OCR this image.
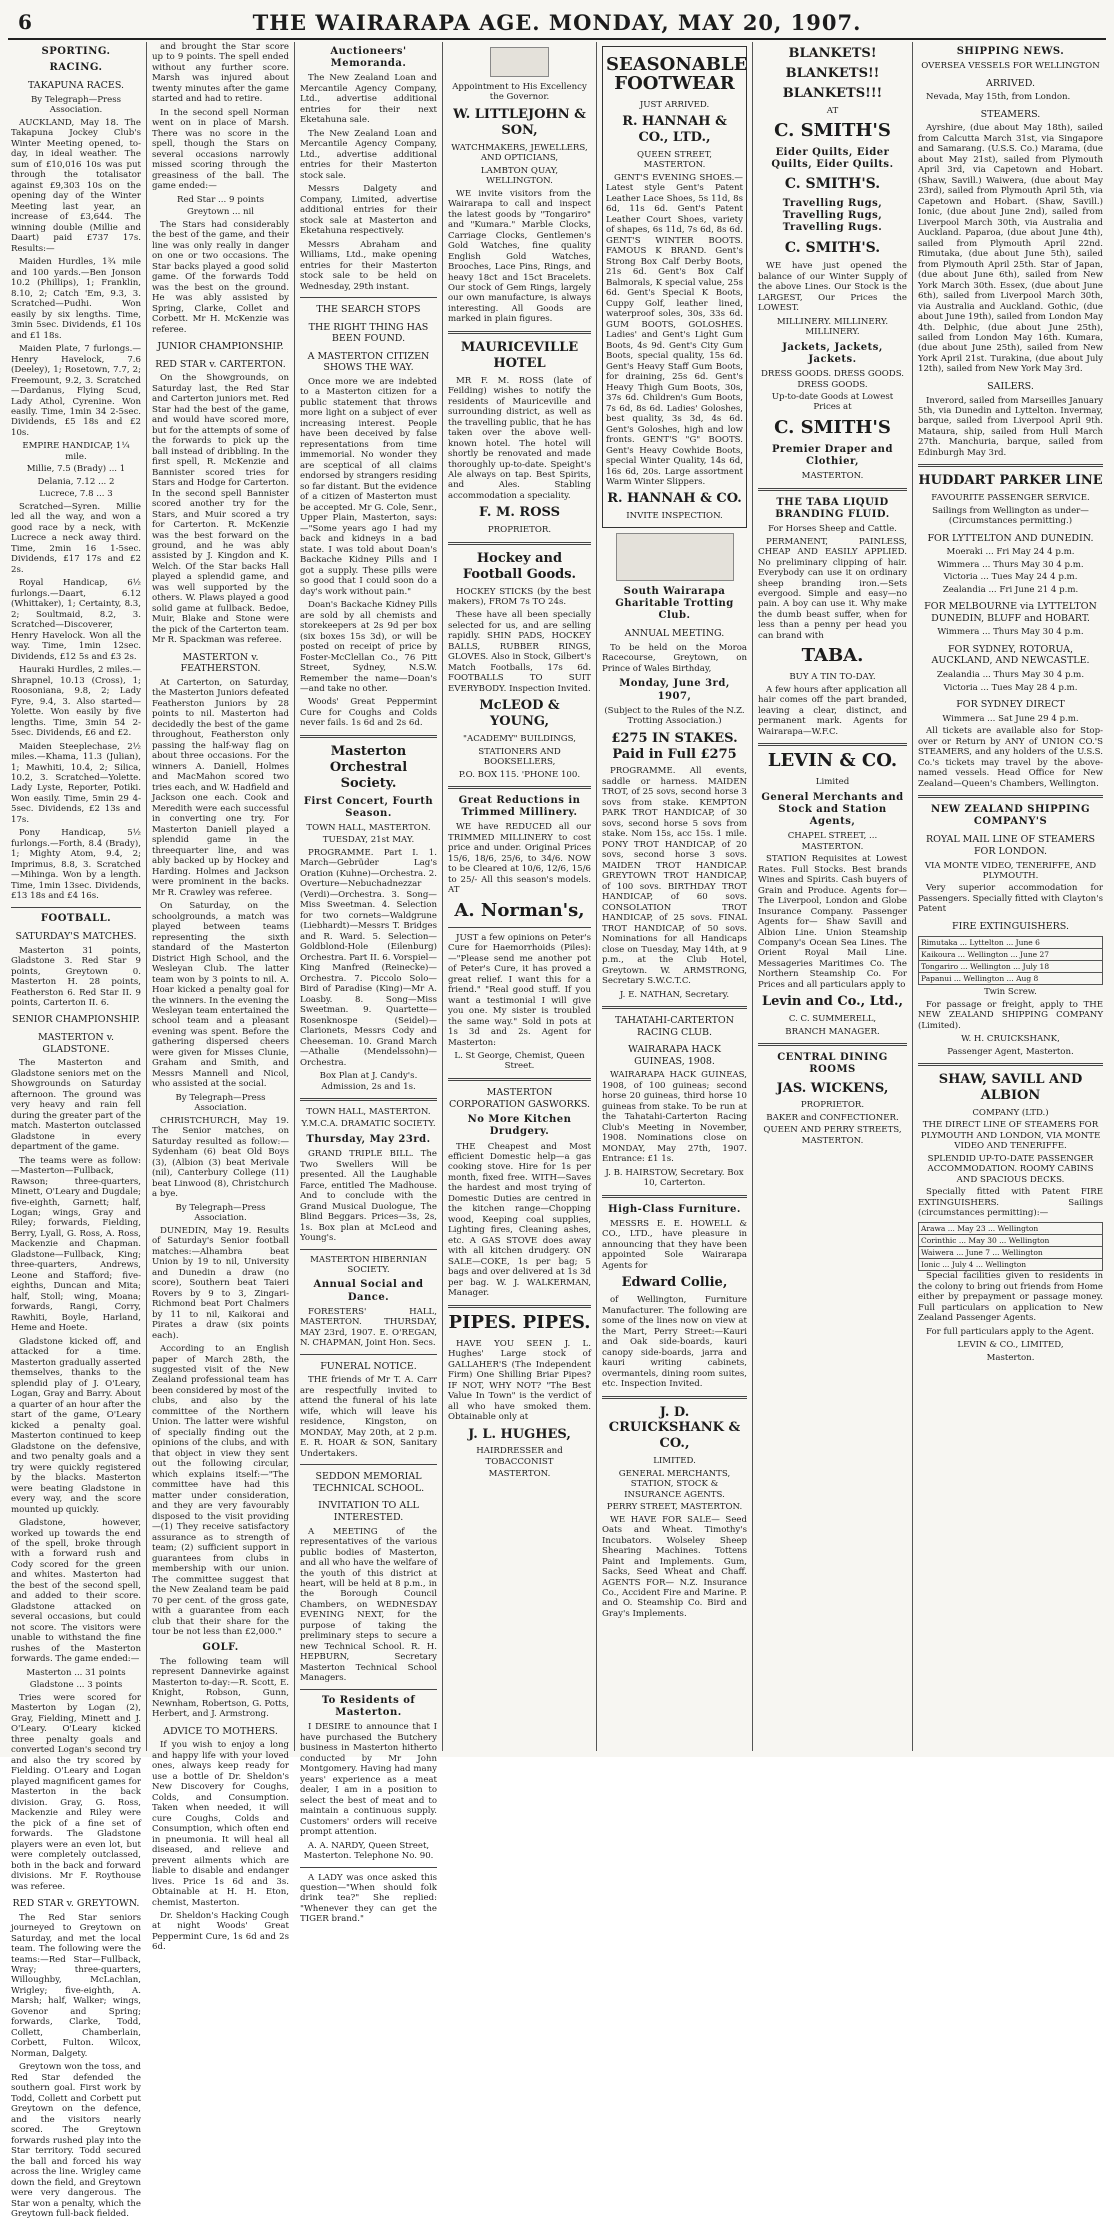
6	THE WAIRARAPA AGE. MONDAY, MAY 20, 1907.
SPORTING.
RACING.
TAKAPUNA RACES.
By Telegraph—Press Association.

AUCKLAND, May 18. The Takapuna Jockey Club's Winter Meeting opened, to-day, in ideal weather. The sum of £10,016 10s was put through the totalisator against £9,303 10s on the opening day of the Winter Meeting last year, an increase of £3,644. The winning double (Millie and Daart) paid £737 17s. Results:—

Maiden Hurdles, 1¾ mile and 100 yards.—Ben Jonson 10.2 (Phillips), 1; Franklin, 8.10, 2; Catch 'Em, 9.3, 3. Scratched—Pudhi. Won easily by six lengths. Time, 3min 5sec. Dividends, £1 10s and £1 18s.

Maiden Plate, 7 furlongs.—Henry Havelock, 7.6 (Deeley), 1; Rosetown, 7.7, 2; Freemount, 9.2, 3. Scratched—Dardanus, Flying Scud, Lady Athol, Cyrenine. Won easily. Time, 1min 34 2-5sec. Dividends, £5 18s and £2 10s.

EMPIRE HANDICAP, 1¼ mile.
Millie, 7.5 (Brady) ... 1
Delania, 7.12 ... 2
Lucrece, 7.8 ... 3

Scratched—Syren. Millie led all the way, and won a good race by a neck, with Lucrece a neck away third. Time, 2min 16 1-5sec. Dividends, £17 17s and £2 2s.

Royal Handicap, 6½ furlongs.—Daart, 6.12 (Whittaker), 1; Certainty, 8.3, 2; Soultmaid, 8.2, 3. Scratched—Discoverer, Henry Havelock. Won all the way. Time, 1min 12sec. Dividends, £12 5s and £3 2s.

Hauraki Hurdles, 2 miles.—Shrapnel, 10.13 (Cross), 1; Roosoniana, 9.8, 2; Lady Fyre, 9.4, 3. Also started—Yolette. Won easily by five lengths. Time, 3min 54 2-5sec. Dividends, £6 and £2.

Maiden Steeplechase, 2½ miles.—Khama, 11.3 (Julian), 1; Mawhiti, 10.4, 2; Silica, 10.2, 3. Scratched—Yolette. Lady Lyste, Reporter, Potiki. Won easily. Time, 5min 29 4-5sec. Dividends, £2 13s and 17s.

Pony Handicap, 5½ furlongs.—Forth, 8.4 (Brady), 1; Mighty Atom, 9.4, 2; Imprimus, 8.8, 3. Scratched—Mihinga. Won by a length. Time, 1min 13sec. Dividends, £13 18s and £4 16s.

FOOTBALL.
SATURDAY'S MATCHES.

Masterton 31 points, Gladstone 3. Red Star 9 points, Greytown 0. Masterton H. 28 points, Featherston 6. Red Star II. 9 points, Carterton II. 6.

SENIOR CHAMPIONSHIP.
MASTERTON v. GLADSTONE.

The Masterton and Gladstone seniors met on the Showgrounds on Saturday afternoon. The ground was very heavy and rain fell during the greater part of the match. Masterton outclassed Gladstone in every department of the game.

The teams were as follow:—Masterton—Fullback, Rawson; three-quarters, Minett, O'Leary and Dugdale; five-eighth, Garnett; half, Logan; wings, Gray and Riley; forwards, Fielding, Berry, Lyall, G. Ross, A. Ross, Mackenzie and Chapman. Gladstone—Fullback, King; three-quarters, Andrews, Leone and Stafford; five-eighths, Duncan and Mita; half, Stoll; wing, Moana; forwards, Rangi, Corry, Rawhiti, Boyle, Harland, Heme and Hoete.

Gladstone kicked off, and attacked for a time. Masterton gradually asserted themselves, thanks to the splendid play of J. O'Leary, Logan, Gray and Barry. About a quarter of an hour after the start of the game, O'Leary kicked a penalty goal. Masterton continued to keep Gladstone on the defensive, and two penalty goals and a try were quickly registered by the blacks. Masterton were beating Gladstone in every way, and the score mounted up quickly.

Gladstone, however, worked up towards the end of the spell, broke through with a forward rush and Cody scored for the green and whites. Masterton had the best of the second spell, and added to their score. Gladstone attacked on several occasions, but could not score. The visitors were unable to withstand the fine rushes of the Masterton forwards. The game ended:—

Masterton ... 31 points
Gladstone ... 3 points

Tries were scored for Masterton by Logan (2), Gray, Fielding, Minett and J. O'Leary. O'Leary kicked three penalty goals and converted Logan's second try and also the try scored by Fielding. O'Leary and Logan played magnificent games for Masterton in the back division. Gray, G. Ross, Mackenzie and Riley were the pick of a fine set of forwards. The Gladstone players were an even lot, but were completely outclassed, both in the back and forward divisions. Mr F. Roythouse was referee.

RED STAR v. GREYTOWN.

The Red Star seniors journeyed to Greytown on Saturday, and met the local team. The following were the teams:—Red Star—Fullback, Wray; three-quarters, Willoughby, McLachlan, Wrigley; five-eighth, A. Marsh; half, Walker; wings, Govenor and Spring; forwards, Clarke, Todd, Collett, Chamberlain, Corbett, Fulton. Wilcox, Norman, Dalgety.

Greytown won the toss, and Red Star defended the southern goal. First work by Todd, Collett and Corbett put Greytown on the defence, and the visitors nearly scored. The Greytown forwards rushed play into the Star territory. Todd secured the ball and forced his way across the line. Wrigley came down the field, and Greytown were very dangerous. The Star won a penalty, which the Greytown full-back fielded.

and brought the Star score up to 9 points. The spell ended without any further score. Marsh was injured about twenty minutes after the game started and had to retire.

In the second spell Norman went on in place of Marsh. There was no score in the spell, though the Stars on several occasions narrowly missed scoring through the greasiness of the ball. The game ended:—

Red Star ... 9 points
Greytown ... nil

The Stars had considerably the best of the game, and their line was only really in danger on one or two occasions. The Star backs played a good solid game. Of the forwards Todd was the best on the ground. He was ably assisted by Spring, Clarke, Collet and Corbett. Mr H. McKenzie was referee.

JUNIOR CHAMPIONSHIP.
RED STAR v. CARTERTON.

On the Showgrounds, on Saturday last, the Red Star and Carterton juniors met. Red Star had the best of the game, and would have scored more, but for the attempts of some of the forwards to pick up the ball instead of dribbling. In the first spell, R. McKenzie and Bannister scored tries for Stars and Hodge for Carterton. In the second spell Bannister scored another try for the Stars, and Muir scored a try for Carterton. R. McKenzie was the best forward on the ground, and he was ably assisted by J. Kingdon and K. Welch. Of the Star backs Hall played a splendid game, and was well supported by the others. W. Plaws played a good solid game at fullback. Bedoe, Muir, Blake and Stone were the pick of the Carterton team. Mr R. Spackman was referee.

MASTERTON v. FEATHERSTON.

At Carterton, on Saturday, the Masterton Juniors defeated Featherston Juniors by 28 points to nil. Masterton had decidedly the best of the game throughout, Featherston only passing the half-way flag on about three occasions. For the winners A. Daniell, Holmes and MacMahon scored two tries each, and W. Hadfield and Jackson one each. Cook and Meredith were each successful in converting one try. For Masterton Daniell played a splendid game in the threequarter line, and was ably backed up by Hockey and Harding. Holmes and Jackson were prominent in the backs. Mr R. Crawley was referee.

On Saturday, on the schoolgrounds, a match was played between teams representing the sixth standard of the Masterton District High School, and the Wesleyan Club. The latter team won by 3 points to nil. A. Hoar kicked a penalty goal for the winners. In the evening the Wesleyan team entertained the school team and a pleasant evening was spent. Before the gathering dispersed cheers were given for Misses Clunie, Graham and Smith, and Messrs Mannell and Nicol, who assisted at the social.

By Telegraph—Press Association.

CHRISTCHURCH, May 19. The Senior matches, on Saturday resulted as follow:—Sydenham (6) beat Old Boys (3), (Albion (3) beat Merivale (nil), Canterbury College (11) beat Linwood (8), Christchurch a bye.

By Telegraph—Press Association.

DUNEDIN, May 19. Results of Saturday's Senior football matches:—Alhambra beat Union by 19 to nil, University and Dunedin a draw (no score), Southern beat Taieri Rovers by 9 to 3, Zingari-Richmond beat Port Chalmers by 11 to nil, Kaikorai and Pirates a draw (six points each).

According to an English paper of March 28th, the suggested visit of the New Zealand professional team has been considered by most of the clubs, and also by the committee of the Northern Union. The latter were wishful of specially finding out the opinions of the clubs, and with that object in view they sent out the following circular, which explains itself:—"The committee have had this matter under consideration, and they are very favourably disposed to the visit providing—(1) They receive satisfactory assurance as to strength of team; (2) sufficient support in guarantees from clubs in membership with our union. The committee suggest that the New Zealand team be paid 70 per cent. of the gross gate, with a guarantee from each club that their share for the tour be not less than £2,000."

GOLF.

The following team will represent Dannevirke against Masterton to-day:—R. Scott, E. Knight, Robson, Gunn, Newnham, Robertson, G. Potts, Herbert, and J. Armstrong.

ADVICE TO MOTHERS.

If you wish to enjoy a long and happy life with your loved ones, always keep ready for use a bottle of Dr. Sheldon's New Discovery for Coughs, Colds, and Consumption. Taken when needed, it will cure Coughs, Colds and Consumption, which often end in pneumonia. It will heal all diseased, and relieve and prevent ailments which are liable to disable and endanger lives. Price 1s 6d and 3s. Obtainable at H. H. Eton, chemist, Masterton.

Dr. Sheldon's Hacking Cough at night Woods' Great Peppermint Cure, 1s 6d and 2s 6d.

Auctioneers' Memoranda.

The New Zealand Loan and Mercantile Agency Company, Ltd., advertise additional entries for their next Eketahuna sale.

The New Zealand Loan and Mercantile Agency Company, Ltd., advertise additional entries for their Masterton stock sale.

Messrs Dalgety and Company, Limited, advertise additional entries for their stock sale at Masterton and Eketahuna respectively.

Messrs Abraham and Williams, Ltd., make opening entries for their Masterton stock sale to be held on Wednesday, 29th instant.

THE SEARCH STOPS
THE RIGHT THING HAS BEEN FOUND.
A MASTERTON CITIZEN SHOWS THE WAY.

Once more we are indebted to a Masterton citizen for a public statement that throws more light on a subject of ever increasing interest. People have been deceived by false representations from time immemorial. No wonder they are sceptical of all claims endorsed by strangers residing so far distant. But the evidence of a citizen of Masterton must be accepted. Mr G. Cole, Senr., Upper Plain, Masterton, says:—"Some years ago I had my back and kidneys in a bad state. I was told about Doan's Backache Kidney Pills and I got a supply. These pills were so good that I could soon do a day's work without pain."

Doan's Backache Kidney Pills are sold by all chemists and storekeepers at 2s 9d per box (six boxes 15s 3d), or will be posted on receipt of price by Foster-McClellan Co., 76 Pitt Street, Sydney, N.S.W. Remember the name—Doan's—and take no other.

Woods' Great Peppermint Cure for Coughs and Colds never fails. 1s 6d and 2s 6d.

Masterton Orchestral Society.
First Concert, Fourth Season.
TOWN HALL, MASTERTON.
TUESDAY, 21st MAY.

PROGRAMME. Part I. 1. March—Gebrüder Lag's Oration (Kuhne)—Orchestra. 2. Overture—Nebuchadnezzar (Verdi)—Orchestra. 3. Song—Miss Sweetman. 4. Selection for two cornets—Waldgrune (Liebhardt)—Messrs T. Bridges and R. Ward. 5. Selection—Goldblond-Hole (Eilenburg) Orchestra. Part II. 6. Vorspiel—King Manfred (Reinecke)—Orchestra. 7. Piccolo Solo—Bird of Paradise (King)—Mr A. Loasby. 8. Song—Miss Sweetman. 9. Quartette—Rosenknospe (Seidel)—Clarionets, Messrs Cody and Cheeseman. 10. Grand March—Athalie (Mendelssohn)—Orchestra.

Box Plan at J. Candy's. Admission, 2s and 1s.
TOWN HALL, MASTERTON.
Y.M.C.A. DRAMATIC SOCIETY.
Thursday, May 23rd.

GRAND TRIPLE BILL. The Two Swellers Will be presented. All the Laughable Farce, entitled The Madhouse. And to conclude with the Grand Musical Duologue, The Blind Beggars. Prices—3s, 2s, 1s. Box plan at McLeod and Young's.

MASTERTON HIBERNIAN SOCIETY.
Annual Social and Dance.

FORESTERS' HALL, MASTERTON. THURSDAY, MAY 23rd, 1907. E. O'REGAN, N. CHAPMAN, Joint Hon. Secs.

FUNERAL NOTICE.

THE friends of Mr T. A. Carr are respectfully invited to attend the funeral of his late wife, which will leave his residence, Kingston, on MONDAY, May 20th, at 2 p.m. E. R. HOAR & SON, Sanitary Undertakers.

SEDDON MEMORIAL TECHNICAL SCHOOL.
INVITATION TO ALL INTERESTED.

A MEETING of the representatives of the various public bodies of Masterton, and all who have the welfare of the youth of this district at heart, will be held at 8 p.m., in the Borough Council Chambers, on WEDNESDAY EVENING NEXT, for the purpose of taking the preliminary steps to secure a new Technical School. R. H. HEPBURN, Secretary Masterton Technical School Managers.

To Residents of Masterton.

I DESIRE to announce that I have purchased the Butchery business in Masterton hitherto conducted by Mr John Montgomery. Having had many years' experience as a meat dealer, I am in a position to select the best of meat and to maintain a continuous supply. Customers' orders will receive prompt attention.

A. A. NARDY, Queen Street, Masterton. Telephone No. 90.

A LADY was once asked this question—"When should folk drink tea?" She replied: "Whenever they can get the TIGER brand."

Appointment to His Excellency the Governor.
W. LITTLEJOHN & SON,
WATCHMAKERS, JEWELLERS, AND OPTICIANS,
LAMBTON QUAY, WELLINGTON.

WE invite visitors from the Wairarapa to call and inspect the latest goods by "Tongariro" and "Kumara." Marble Clocks, Carriage Clocks, Gentlemen's Gold Watches, fine quality English Gold Watches, Brooches, Lace Pins, Rings, and heavy 18ct and 15ct Bracelets. Our stock of Gem Rings, largely our own manufacture, is always interesting. All Goods are marked in plain figures.

MAURICEVILLE HOTEL

MR F. M. ROSS (late of Feilding) wishes to notify the residents of Mauriceville and surrounding district, as well as the travelling public, that he has taken over the above well-known hotel. The hotel will shortly be renovated and made thoroughly up-to-date. Speight's Ale always on tap. Best Spirits, and Ales. Stabling accommodation a speciality.

F. M. ROSS
PROPRIETOR.
Hockey and Football Goods.

HOCKEY STICKS (by the best makers), FROM 7s TO 24s.

These have all been specially selected for us, and are selling rapidly. SHIN PADS, HOCKEY BALLS, RUBBER RINGS, GLOVES. Also in Stock, Gilbert's Match Footballs, 17s 6d. FOOTBALLS TO SUIT EVERYBODY. Inspection Invited.

McLEOD & YOUNG,
"ACADEMY" BUILDINGS,
STATIONERS AND BOOKSELLERS,
P.O. BOX 115. 'PHONE 100.
Great Reductions in Trimmed Millinery.

WE have REDUCED all our TRIMMED MILLINERY to cost price and under. Original Prices 15/6, 18/6, 25/6, to 34/6. NOW to be Cleared at 10/6, 12/6, 15/6 to 25/- All this season's models. AT

A. Norman's,

JUST a few opinions on Peter's Cure for Haemorrhoids (Piles):—"Please send me another pot of Peter's Cure, it has proved a great relief. I want this for a friend." "Real good stuff. If you want a testimonial I will give you one. My sister is troubled the same way." Sold in pots at 1s 3d and 2s. Agent for Masterton:

L. St George, Chemist, Queen Street.
MASTERTON CORPORATION GASWORKS.
No More Kitchen Drudgery.

THE Cheapest and Most efficient Domestic help—a gas cooking stove. Hire for 1s per month, fixed free. WITH—Saves the hardest and most trying of Domestic Duties are centred in the kitchen range—Chopping wood, Keeping coal supplies, Lighting fires, Cleaning ashes, etc. A GAS STOVE does away with all kitchen drudgery. ON SALE—COKE, 1s per bag; 5 bags and over delivered at 1s 3d per bag. W. J. WALKERMAN, Manager.

PIPES. PIPES.

HAVE YOU SEEN J. L. Hughes' Large stock of GALLAHER'S (The Independent Firm) One Shilling Briar Pipes? IF NOT, WHY NOT? "The Best Value In Town" is the verdict of all who have smoked them. Obtainable only at

J. L. HUGHES,
HAIRDRESSER and TOBACCONIST
MASTERTON.
SEASONABLE FOOTWEAR
JUST ARRIVED.
R. HANNAH & CO., LTD.,
QUEEN STREET, MASTERTON.

GENT'S EVENING SHOES.—Latest style Gent's Patent Leather Lace Shoes, 5s 11d, 8s 6d, 11s 6d. Gent's Patent Leather Court Shoes, variety of shapes, 6s 11d, 7s 6d, 8s 6d. GENT'S WINTER BOOTS. FAMOUS K BRAND. Gent's Strong Box Calf Derby Boots, 21s 6d. Gent's Box Calf Balmorals, K special value, 25s 6d. Gent's Special K Boots, Cuppy Golf, leather lined, waterproof soles, 30s, 33s 6d. GUM BOOTS, GOLOSHES. Ladies' and Gent's Light Gum Boots, 4s 9d. Gent's City Gum Boots, special quality, 15s 6d. Gent's Heavy Staff Gum Boots, for draining, 25s 6d. Gent's Heavy Thigh Gum Boots, 30s, 37s 6d. Children's Gum Boots, 7s 6d, 8s 6d. Ladies' Goloshes, best quality, 3s 3d, 4s 6d. Gent's Goloshes, high and low fronts. GENT'S "G" BOOTS. Gent's Heavy Cowhide Boots, special Winter Quality, 14s 6d, 16s 6d, 20s. Large assortment Warm Winter Slippers.

R. HANNAH & CO.
INVITE INSPECTION.
South Wairarapa Gharitable Trotting Club.
ANNUAL MEETING.

To be held on the Moroa Racecourse, Greytown, on Prince of Wales Birthday,

Monday, June 3rd, 1907,
(Subject to the Rules of the N.Z. Trotting Association.)
£275 IN STAKES. Paid in Full £275

PROGRAMME. All events, saddle or harness. MAIDEN TROT, of 25 sovs, second horse 3 sovs from stake. KEMPTON PARK TROT HANDICAP, of 30 sovs, second horse 5 sovs from stake. Nom 15s, acc 15s. 1 mile. PONY TROT HANDICAP, of 20 sovs, second horse 3 sovs. MAIDEN TROT HANDICAP. GREYTOWN TROT HANDICAP, of 100 sovs. BIRTHDAY TROT HANDICAP, of 60 sovs. CONSOLATION TROT HANDICAP, of 25 sovs. FINAL TROT HANDICAP, of 50 sovs. Nominations for all Handicaps close on Tuesday, May 14th, at 9 p.m., at the Club Hotel, Greytown. W. ARMSTRONG, Secretary S.W.C.T.C.

J. E. NATHAN, Secretary.
TAHATAHI-CARTERTON RACING CLUB.
WAIRARAPA HACK GUINEAS, 1908.

WAIRARAPA HACK GUINEAS, 1908, of 100 guineas; second horse 20 guineas, third horse 10 guineas from stake. To be run at the Tahatahi-Carterton Racing Club's Meeting in November, 1908. Nominations close on MONDAY, May 27th, 1907. Entrance: £1 1s.

J. B. HAIRSTOW, Secretary. Box 10, Carterton.
High-Class Furniture.

MESSRS E. E. HOWELL & CO., LTD., have pleasure in announcing that they have been appointed Sole Wairarapa Agents for

Edward Collie,

of Wellington, Furniture Manufacturer. The following are some of the lines now on view at the Mart, Perry Street:—Kauri and Oak side-boards, kauri canopy side-boards, jarra and kauri writing cabinets, overmantels, dining room suites, etc. Inspection Invited.

J. D. CRUICKSHANK & CO.,
LIMITED.
GENERAL MERCHANTS, STATION, STOCK & INSURANCE AGENTS.
PERRY STREET, MASTERTON.

WE HAVE FOR SALE— Seed Oats and Wheat. Timothy's Incubators. Wolseley Sheep Shearing Machines. Tottens Paint and Implements. Gum, Sacks, Seed Wheat and Chaff. AGENTS FOR— N.Z. Insurance Co., Accident Fire and Marine. P. and O. Steamship Co. Bird and Gray's Implements.

BLANKETS!
BLANKETS!!
BLANKETS!!!
AT
C. SMITH'S
Eider Quilts, Eider Quilts, Eider Quilts.
C. SMITH'S.
Travelling Rugs, Travelling Rugs, Travelling Rugs.
C. SMITH'S.

WE have just opened the balance of our Winter Supply of the above Lines. Our Stock is the LARGEST, Our Prices the LOWEST.

MILLINERY. MILLINERY. MILLINERY.
Jackets, Jackets, Jackets.
DRESS GOODS. DRESS GOODS. DRESS GOODS.
Up-to-date Goods at Lowest Prices at
C. SMITH'S
Premier Draper and Clothier,
MASTERTON.
THE TABA LIQUID BRANDING FLUID.
For Horses Sheep and Cattle.

PERMANENT, PAINLESS, CHEAP AND EASILY APPLIED. No preliminary clipping of hair. Everybody can use it on ordinary sheep branding iron.—Sets evergood. Simple and easy—no pain. A boy can use it. Why make the dumb beast suffer, when for less than a penny per head you can brand with

TABA.
BUY A TIN TO-DAY.

A few hours after application all hair comes off the part branded, leaving a clear, distinct, and permanent mark. Agents for Wairarapa—W.F.C.

LEVIN & CO.
Limited
General Merchants and Stock and Station Agents,
CHAPEL STREET, ... MASTERTON.

STATION Requisites at Lowest Rates. Full Stocks. Best brands Wines and Spirits. Cash buyers of Grain and Produce. Agents for— The Liverpool, London and Globe Insurance Company. Passenger Agents for— Shaw Savill and Albion Line. Union Steamship Company's Ocean Sea Lines. The Orient Royal Mail Line. Messageries Maritimes Co. The Northern Steamship Co. For Prices and all particulars apply to

Levin and Co., Ltd.,
C. C. SUMMERELL,
BRANCH MANAGER.
CENTRAL DINING ROOMS
JAS. WICKENS,
PROPRIETOR.
BAKER and CONFECTIONER.
QUEEN AND PERRY STREETS, MASTERTON.
SHIPPING NEWS.
OVERSEA VESSELS FOR WELLINGTON
ARRIVED.

Nevada, May 15th, from London.

STEAMERS.

Ayrshire, (due about May 18th), sailed from Calcutta March 31st, via Singapore and Samarang. (U.S.S. Co.) Marama, (due about May 21st), sailed from Plymouth April 3rd, via Capetown and Hobart. (Shaw, Savill.) Waiwera, (due about May 23rd), sailed from Plymouth April 5th, via Capetown and Hobart. (Shaw, Savill.) Ionic, (due about June 2nd), sailed from Liverpool March 30th, via Australia and Auckland. Paparoa, (due about June 4th), sailed from Plymouth April 22nd. Rimutaka, (due about June 5th), sailed from Plymouth April 25th. Star of Japan, (due about June 6th), sailed from New York March 30th. Essex, (due about June 6th), sailed from Liverpool March 30th, via Australia and Auckland. Gothic, (due about June 19th), sailed from London May 4th. Delphic, (due about June 25th), sailed from London May 16th. Kumara, (due about June 25th), sailed from New York April 21st. Turakina, (due about July 12th), sailed from New York May 3rd.

SAILERS.

Inverord, sailed from Marseilles January 5th, via Dunedin and Lyttelton. Invermay, barque, sailed from Liverpool April 9th. Mataura, ship, sailed from Hull March 27th. Manchuria, barque, sailed from Edinburgh May 3rd.

HUDDART PARKER LINE
FAVOURITE PASSENGER SERVICE.
Sailings from Wellington as under—(Circumstances permitting.)
FOR LYTTELTON AND DUNEDIN.
Moeraki ... Fri May 24 4 p.m.
Wimmera ... Thurs May 30 4 p.m.
Victoria ... Tues May 24 4 p.m.
Zealandia ... Fri June 21 4 p.m.
FOR MELBOURNE via LYTTELTON DUNEDIN, BLUFF and HOBART.
Wimmera ... Thurs May 30 4 p.m.
FOR SYDNEY, ROTORUA, AUCKLAND, AND NEWCASTLE.
Zealandia ... Thurs May 30 4 p.m.
Victoria ... Tues May 28 4 p.m.
FOR SYDNEY DIRECT
Wimmera ... Sat June 29 4 p.m.

All tickets are available also for Stop-over or Return by ANY of UNION CO.'S STEAMERS, and any holders of the U.S.S. Co.'s tickets may travel by the above-named vessels. Head Office for New Zealand—Queen's Chambers, Wellington.

NEW ZEALAND SHIPPING COMPANY'S
ROYAL MAIL LINE OF STEAMERS FOR LONDON.
VIA MONTE VIDEO, TENERIFFE, AND PLYMOUTH.

Very superior accommodation for Passengers. Specially fitted with Clayton's Patent

FIRE EXTINGUISHERS.
Rimutaka ... Lyttelton ... June 6
Kaikoura ... Wellington ... June 27
Tongariro ... Wellington ... July 18
Papanui ... Wellington ... Aug 8
Twin Screw.

For passage or freight, apply to THE NEW ZEALAND SHIPPING COMPANY (Limited).

W. H. CRUICKSHANK,
Passenger Agent, Masterton.
SHAW, SAVILL AND ALBION
COMPANY (LTD.)
THE DIRECT LINE OF STEAMERS FOR PLYMOUTH AND LONDON, VIA MONTE VIDEO AND TENERIFFE.
SPLENDID UP-TO-DATE PASSENGER ACCOMMODATION. ROOMY CABINS AND SPACIOUS DECKS.

Specially fitted with Patent FIRE EXTINGUISHERS. Sailings (circumstances permitting):—

Arawa ... May 23 ... Wellington
Corinthic ... May 30 ... Wellington
Waiwera ... June 7 ... Wellington
Ionic ... July 4 ... Wellington

Special facilities given to residents in the colony to bring out friends from Home either by prepayment or passage money. Full particulars on application to New Zealand Passenger Agents.

For full particulars apply to the Agent.

LEVIN & CO., LIMITED,
Masterton.
